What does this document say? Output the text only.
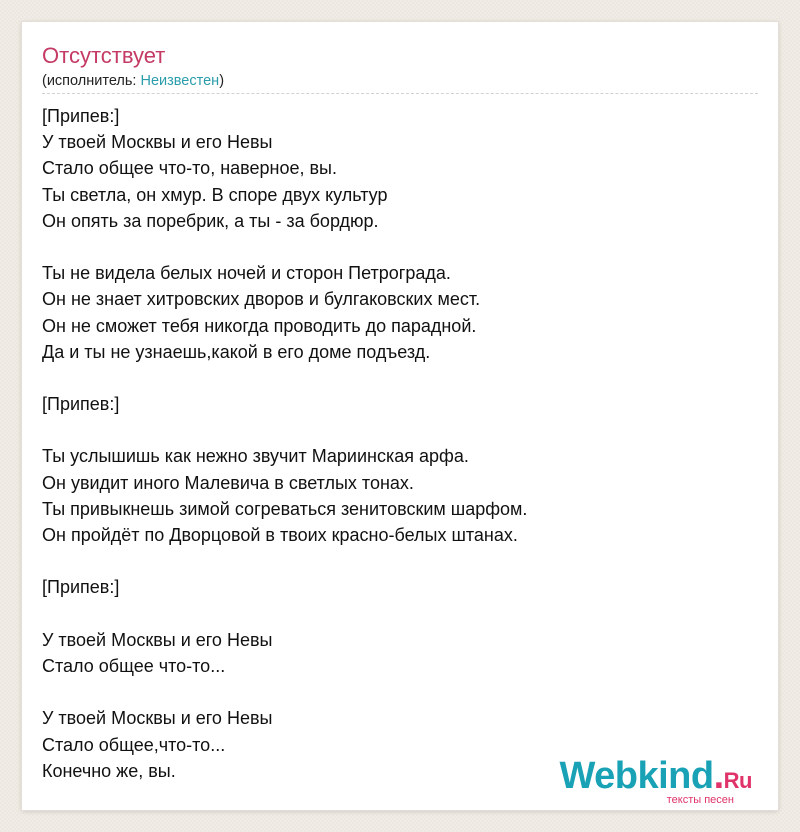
Отсутствует
(исполнитель: Неизвестен)
[Припев:]
У твоей Москвы и его Невы
Стало общее что-то, наверное, вы.
Ты светла, он хмур. В споре двух культур
Он опять за поребрик, а ты - за бордюр.
Ты не видела белых ночей и сторон Петрограда.
Он не знает хитровских дворов и булгаковских мест.
Он не сможет тебя никогда проводить до парадной.
Да и ты не узнаешь,какой в его доме подъезд.
[Припев:]
Ты услышишь как нежно звучит Мариинская арфа.
Он увидит иного Малевича в светлых тонах.
Ты привыкнешь зимой согреваться зенитовским шарфом.
Он пройдёт по Дворцовой в твоих красно-белых штанах.
[Припев:]
У твоей Москвы и его Невы
Стало общее что-то...
У твоей Москвы и его Невы
Стало общее,что-то...
Конечно же, вы.	Webkind.Ru
тексты песен
